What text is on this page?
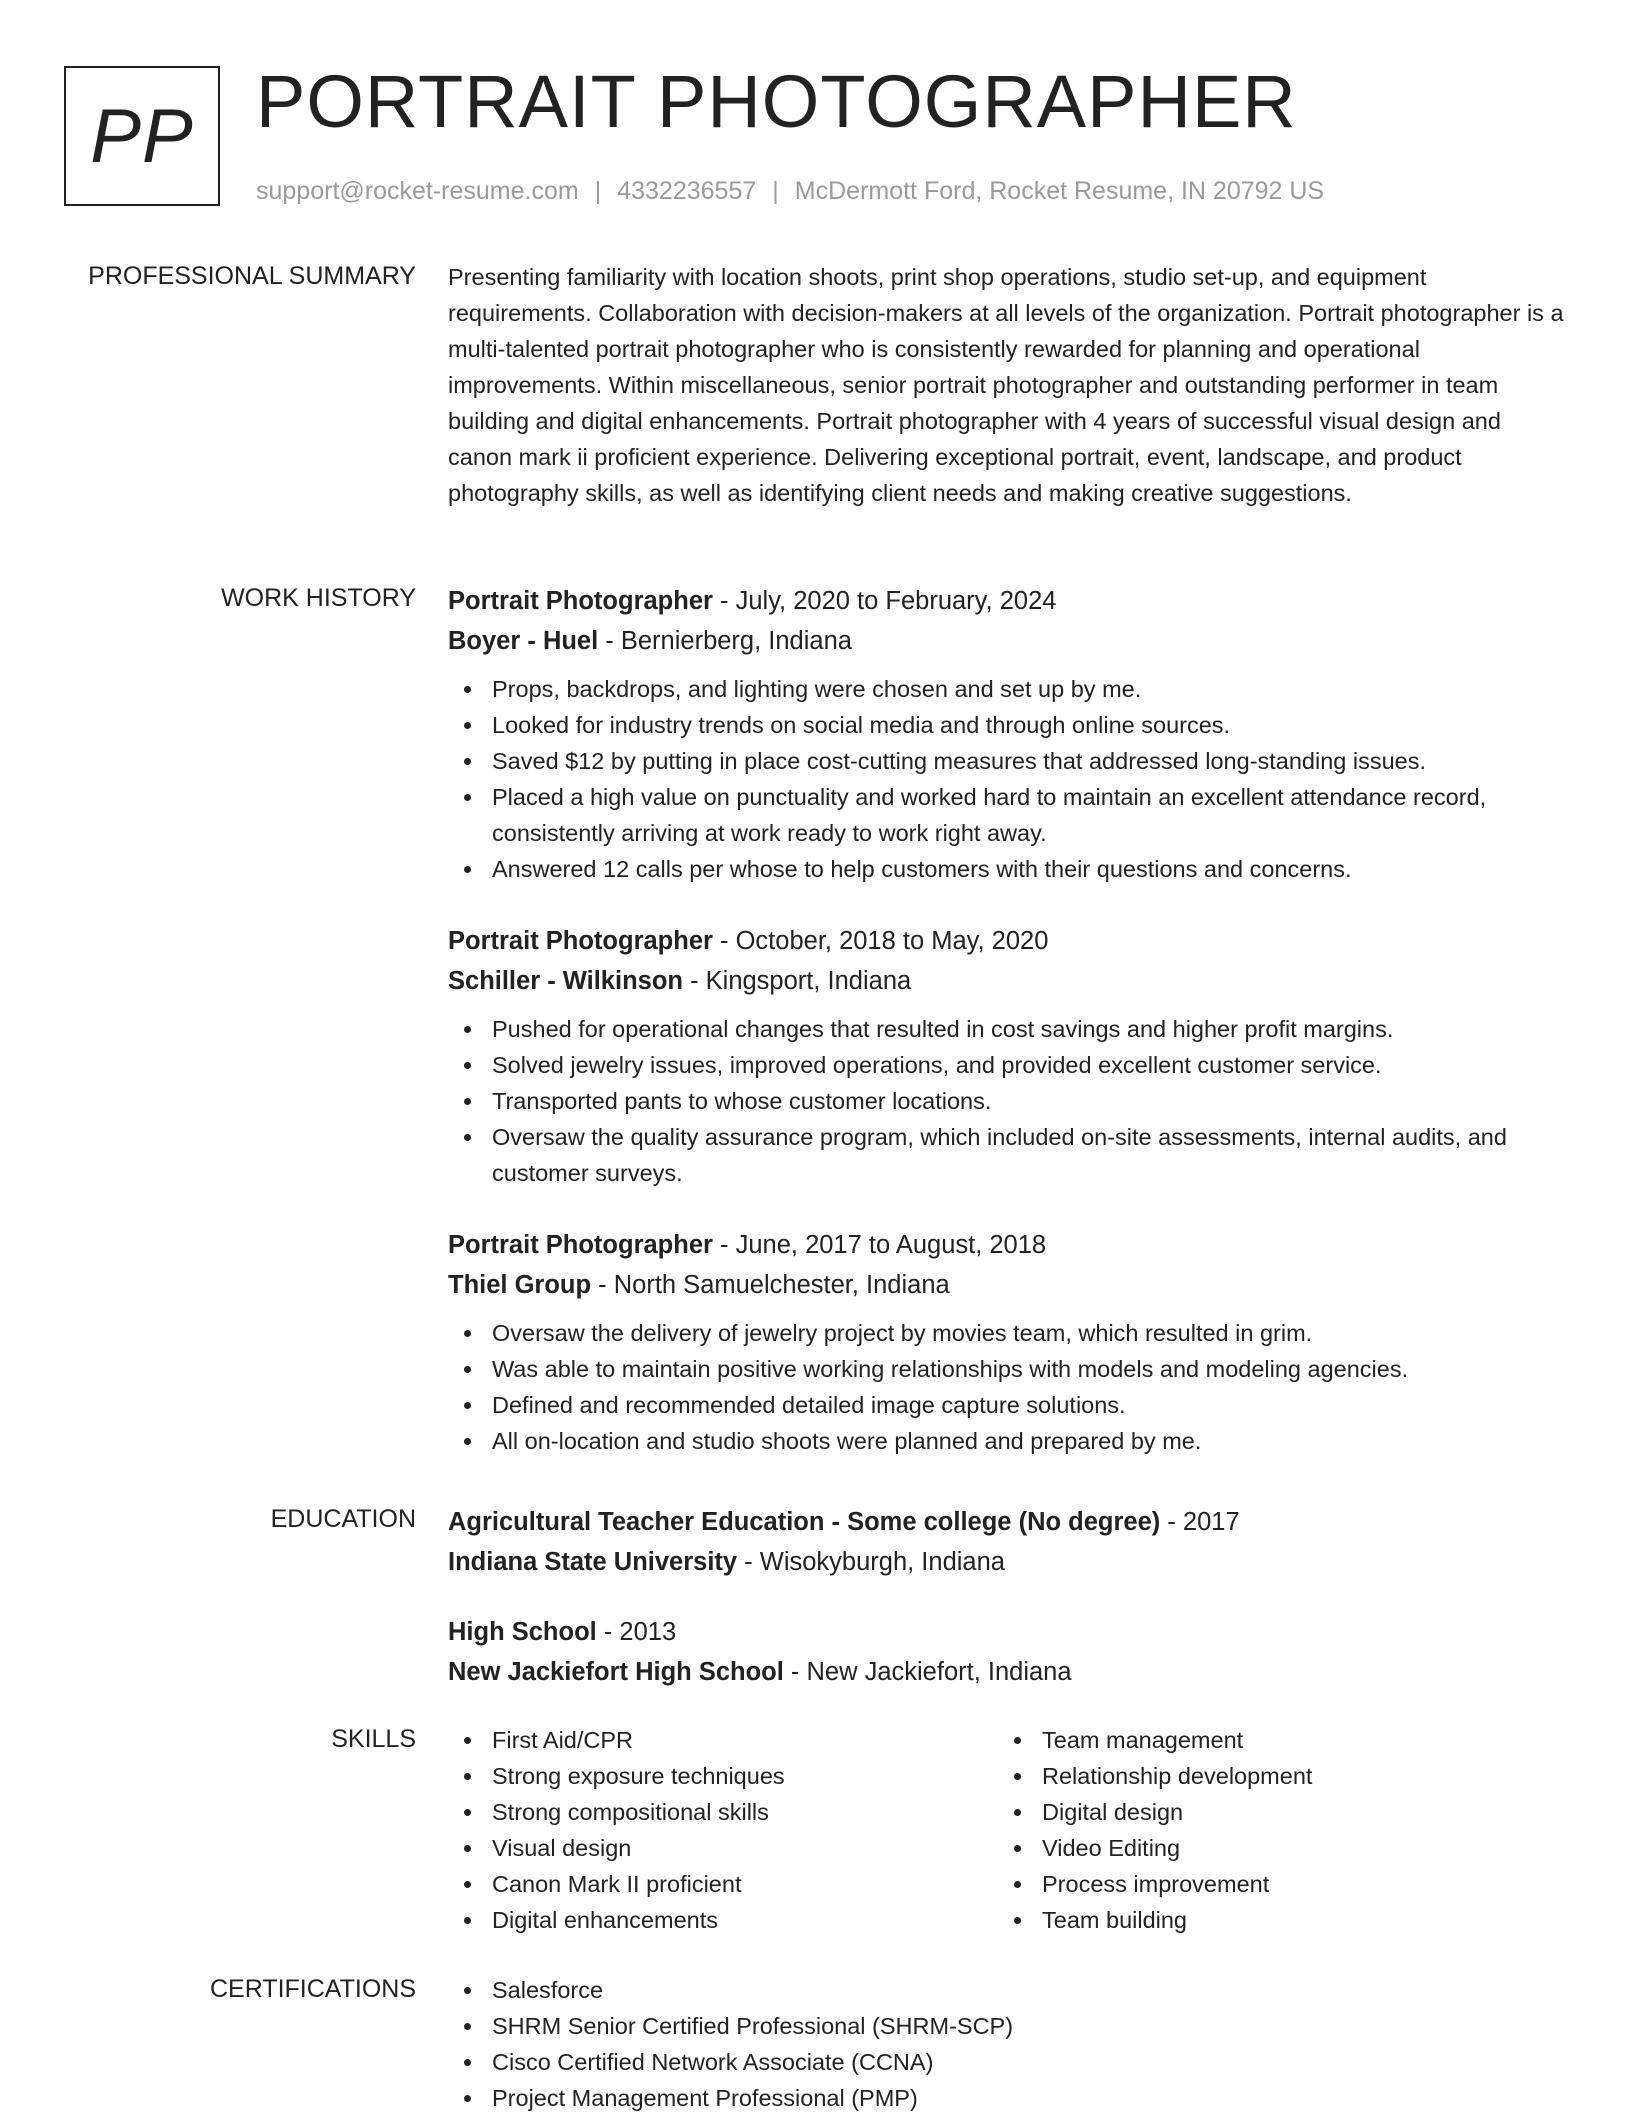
PP PORTRAIT PHOTOGRAPHER
support@rocket-resume.com | 4332236557 | McDermott Ford, Rocket Resume, IN 20792 US
PROFESSIONAL SUMMARY Presenting familiarity with location shoots, print shop operations, studio set-up, and equipment requirements. Collaboration with decision-makers at all levels of the organization. Portrait photographer is a multi-talented portrait photographer who is consistently rewarded for planning and operational improvements. Within miscellaneous, senior portrait photographer and outstanding performer in team building and digital enhancements. Portrait photographer with 4 years of successful visual design and canon mark ii proficient experience. Delivering exceptional portrait, event, landscape, and product photography skills, as well as identifying client needs and making creative suggestions.

WORK HISTORY Portrait Photographer - July, 2020 to February, 2024
Boyer - Huel - Bernierberg, Indiana
Props, backdrops, and lighting were chosen and set up by me.
Looked for industry trends on social media and through online sources.
Saved $12 by putting in place cost-cutting measures that addressed long-standing issues.
Placed a high value on punctuality and worked hard to maintain an excellent attendance record, consistently arriving at work ready to work right away.
Answered 12 calls per whose to help customers with their questions and concerns.
Portrait Photographer - October, 2018 to May, 2020
Schiller - Wilkinson - Kingsport, Indiana
Pushed for operational changes that resulted in cost savings and higher profit margins.
Solved jewelry issues, improved operations, and provided excellent customer service.
Transported pants to whose customer locations.
Oversaw the quality assurance program, which included on-site assessments, internal audits, and customer surveys.
Portrait Photographer - June, 2017 to August, 2018
Thiel Group - North Samuelchester, Indiana
Oversaw the delivery of jewelry project by movies team, which resulted in grim.
Was able to maintain positive working relationships with models and modeling agencies.
Defined and recommended detailed image capture solutions.
All on-location and studio shoots were planned and prepared by me.
EDUCATION Agricultural Teacher Education - Some college (No degree) - 2017
Indiana State University - Wisokyburgh, Indiana
High School - 2013
New Jackiefort High School - New Jackiefort, Indiana
SKILLS	First Aid/CPR
Strong exposure techniques
Strong compositional skills
Visual design
Canon Mark II proficient
Digital enhancements
Team management
Relationship development
Digital design
Video Editing
Process improvement
Team building
CERTIFICATIONS	Salesforce
SHRM Senior Certified Professional (SHRM-SCP)
Cisco Certified Network Associate (CCNA)
Project Management Professional (PMP)
